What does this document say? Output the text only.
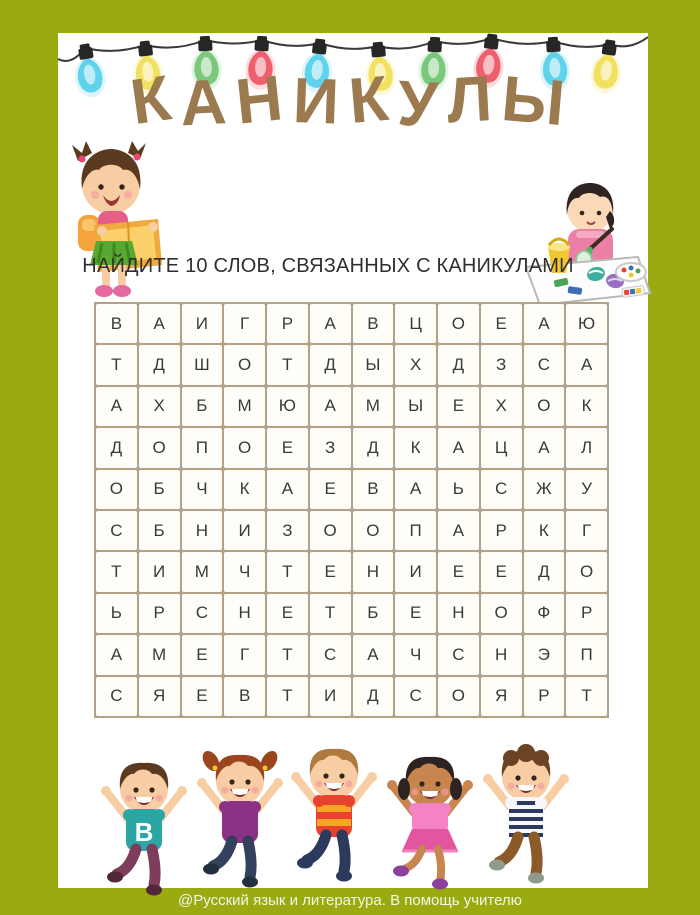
КАНИКУЛЫ
НАЙДИТЕ 10 СЛОВ, СВЯЗАННЫХ С КАНИКУЛАМИ
В	А	И	Г	Р	А	В	Ц	О	Е	А	Ю
Т	Д	Ш	О	Т	Д	Ы	Х	Д	З	С	А
А	Х	Б	М	Ю	А	М	Ы	Е	Х	О	К
Д	О	П	О	Е	З	Д	К	А	Ц	А	Л
О	Б	Ч	К	А	Е	В	А	Ь	С	Ж	У
С	Б	Н	И	З	О	О	П	А	Р	К	Г
Т	И	М	Ч	Т	Е	Н	И	Е	Е	Д	О
Ь	Р	С	Н	Е	Т	Б	Е	Н	О	Ф	Р
А	М	Е	Г	Т	С	А	Ч	С	Н	Э	П
С	Я	Е	В	Т	И	Д	С	О	Я	Р	Т
B
@Русский язык и литература. В помощь учителю
